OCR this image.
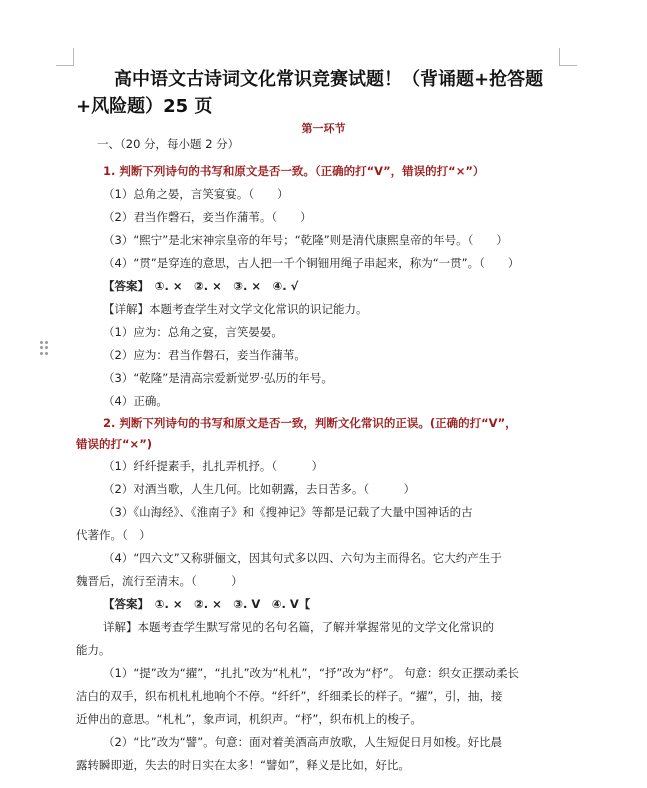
高中语文古诗词文化常识竞赛试题！（背诵题+抢答题+风险题）25 页
第一环节
一、（20 分，每小题 2 分）
1. 判断下列诗句的书写和原文是否一致。（正确的打“V”，错误的打“×”）
（1）总角之晏，言笑宴宴。（　　）
（2）君当作磬石，妾当作蒲苇。（　　）
（3）“熙宁”是北宋神宗皇帝的年号；“乾隆”则是清代康熙皇帝的年号。（　　）
（4）“贯”是穿连的意思，古人把一千个铜钿用绳子串起来，称为“一贯”。（　　）
【答案】　①. ×　②. ×　③. ×　④. √
【详解】本题考查学生对文学文化常识的识记能力。
（1）应为：总角之宴，言笑晏晏。
（2）应为：君当作磐石，妾当作蒲苇。
（3）“乾隆”是清高宗爱新觉罗·弘历的年号。
（4）正确。
2. 判断下列诗句的书写和原文是否一致，判断文化常识的正误。(正确的打“V”，
错误的打“×”)
（1）纤纤提素手，扎扎弄机抒。（　　　）
（2）对酒当歌，人生几何。比如朝露，去日苦多。（　　　）
（3）《山海经》、《淮南子》和《搜神记》等都是记载了大量中国神话的古
代著作。（　）
（4）“四六文”又称骈俪文，因其句式多以四、六句为主而得名。它大约产生于
魏晋后，流行至清末。（　　　）
【答案】　①. ×　②. ×　③. V　④. V【
详解】本题考查学生默写常见的名句名篇，了解并掌握常见的文学文化常识的
能力。
（1）“提”改为“擢”，“扎扎”改为“札札”，“抒”改为“杼”。 句意：织女正摆动柔长
洁白的双手，织布机札札地响个不停。“纤纤”，纤细柔长的样子。“擢”，引，抽，接
近伸出的意思。“札札”，象声词，机织声。“杼”，织布机上的梭子。
（2）“比”改为“譬”。句意：面对着美酒高声放歌，人生短促日月如梭。好比晨
露转瞬即逝，失去的时日实在太多！“譬如”，释义是比如，好比。
